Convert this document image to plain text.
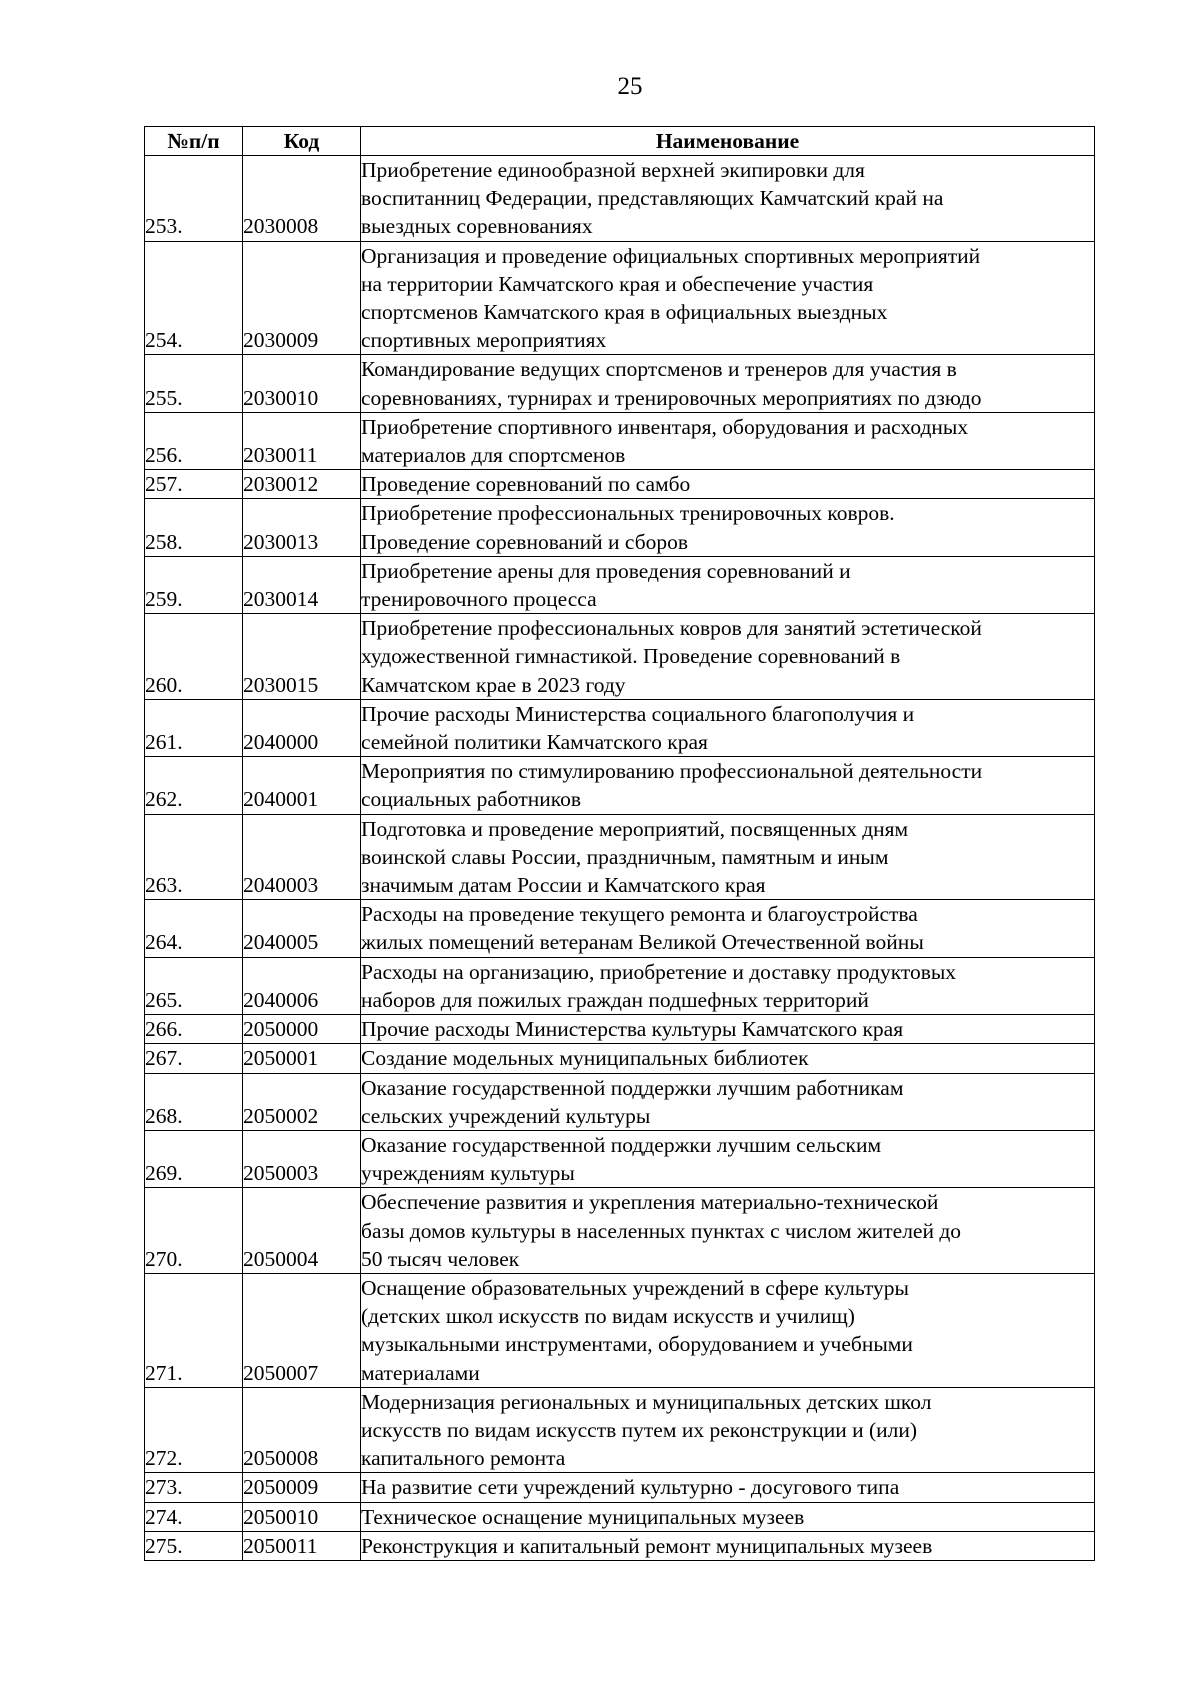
25
№п/п	Код	Наименование
253.	2030008	Приобретение единообразной верхней экипировки для
воспитанниц Федерации, представляющих Камчатский край на
выездных соревнованиях

254.	2030009	Организация и проведение официальных спортивных мероприятий
на территории Камчатского края и обеспечение участия
спортсменов Камчатского края в официальных выездных
спортивных мероприятиях

255.	2030010	Командирование ведущих спортсменов и тренеров для участия в
соревнованиях, турнирах и тренировочных мероприятиях по дзюдо

256.	2030011	Приобретение спортивного инвентаря, оборудования и расходных
материалов для спортсменов

257.	2030012	Проведение соревнований по самбо

258.	2030013	Приобретение профессиональных тренировочных ковров.
Проведение соревнований и сборов

259.	2030014	Приобретение арены для проведения соревнований и
тренировочного процесса

260.	2030015	Приобретение профессиональных ковров для занятий эстетической
художественной гимнастикой. Проведение соревнований в
Камчатском крае в 2023 году

261.	2040000	Прочие расходы Министерства социального благополучия и
семейной политики Камчатского края

262.	2040001	Мероприятия по стимулированию профессиональной деятельности
социальных работников

263.	2040003	Подготовка и проведение мероприятий, посвященных дням
воинской славы России, праздничным, памятным и иным
значимым датам России и Камчатского края

264.	2040005	Расходы на проведение текущего ремонта и благоустройства
жилых помещений ветеранам Великой Отечественной войны

265.	2040006	Расходы на организацию, приобретение и доставку продуктовых
наборов для пожилых граждан подшефных территорий

266.	2050000	Прочие расходы Министерства культуры Камчатского края

267.	2050001	Создание модельных муниципальных библиотек

268.	2050002	Оказание государственной поддержки лучшим работникам
сельских учреждений культуры

269.	2050003	Оказание государственной поддержки лучшим сельским
учреждениям культуры

270.	2050004	Обеспечение развития и укрепления материально-технической
базы домов культуры в населенных пунктах с числом жителей до
50 тысяч человек

271.	2050007	Оснащение образовательных учреждений в сфере культуры
(детских школ искусств по видам искусств и училищ)
музыкальными инструментами, оборудованием и учебными
материалами

272.	2050008	Модернизация региональных и муниципальных детских школ
искусств по видам искусств путем их реконструкции и (или)
капитального ремонта

273.	2050009	На развитие сети учреждений культурно - досугового типа

274.	2050010	Техническое оснащение муниципальных музеев

275.	2050011	Реконструкция и капитальный ремонт муниципальных музеев
